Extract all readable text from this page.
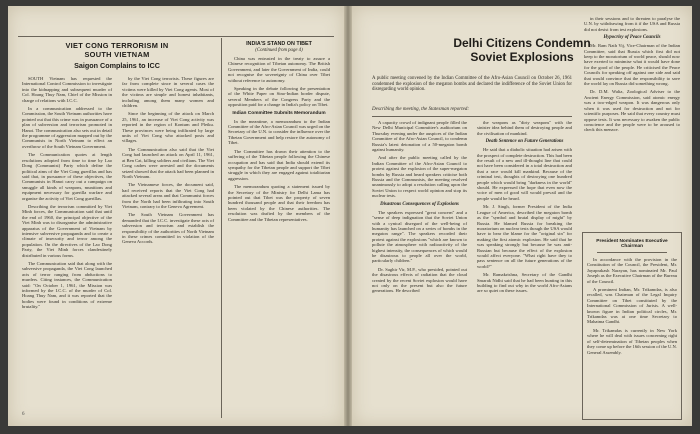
VIET CONG TERRORISM IN

SOUTH VIETNAM

Saigon Complains to ICC

SOUTH Vietnam has requested the International Control Commission to investigate into the kidnapping and subsequent murder of Col. Hoang Thuy Nam, Chief of the Mission in charge of relations with I.C.C.

In a communication addressed to the Commission, the South Vietnam authorities have pointed out that this crime was in pursuance of a plan of subversion and terrorism promoted in Hanoi. The communication also sets out in detail the programme of aggression mapped out by the Communists in North Vietnam to effect an overthrow of the South Vietnam Government.

The Communication quotes at length resolutions adopted from time to time by Lao Dong (Communist) Party which define the political aims of the Viet Cong guerillas and has said that, in pursuance of these objectives, the Communists in Hanoi carry out a campaign on smuggle all kinds of weapons, munitions and equipment necessary for guerilla warfare and organise the activity of Viet Cong guerillas.

Describing the terrorism committed by Viet Minh forces, the Communication said that until the end of 1960, the principal objective of the Viet Minh was to disorganise the administrative apparatus of the Government of Vietnam by intensive subversive propaganda and to create a climate of insecurity and terror among the population. On the directives of the Lao Dong Party, the Viet Minh forces clandestinely distributed in various forms.

The Communication said that along with the subversive propaganda, the Viet Cong launched acts of terror ranging from abductions to murders. Citing instances, the Communication said: "On October 1, 1961, the Mission was informed by the I.C.C. of the murder of Col. Hoang Thuy Nam, and it was reported that the bodies were found in conditions of extreme brutality."

by the Viet Cong terrorists. These figures are far from complete since in several cases the victims were killed by Viet Cong agents. Most of the victims are simple and honest inhabitants, including among them many women and children.

Since the beginning of the attack on March 25, 1961, an increase of Viet Cong activity was reported in the region of Kontum and Pleiku. These provinces were being infiltrated by large units of Viet Cong who attacked posts and villages.

The Communication also said that the Viet Cong had launched an attack on April 11, 1961, at Ben Cat, killing soldiers and civilians. The Viet Cong cadres were arrested and the documents seized showed that the attack had been planned in North Vietnam.

The Vietnamese forces, the document said, had received reports that the Viet Cong had attacked several areas and that Communist forces from the North had been infiltrating into South Vietnam, contrary to the Geneva Agreement.

The South Vietnam Government has demanded that the I.C.C. investigate these acts of subversion and terrorism and establish the responsibility of the authorities of North Vietnam in these crimes committed in violation of the Geneva Accords.

INDIA'S STAND ON TIBET

(Continued from page 4)

China was entrusted in the treaty to assure a Chinese recognition of Tibetan autonomy. The British Government, and later the Government of India, could not recognise the sovereignty of China over Tibet without reference to autonomy.

Speaking in the debate following the presentation of the White Paper on Sino-Indian border dispute, several Members of the Congress Party and the opposition paid for a change in India's policy on Tibet.

Indian Committee Submits Memorandum

In the meantime, a memorandum to the Indian Committee of the Afro-Asian Council was urged on the Secretary of the U.N. to consider the influence over the Tibetan Government and help restore the autonomy of Tibet.

The Committee has drawn their attention to the suffering of the Tibetan people following the Chinese occupation and has said that India should extend its sympathy for the Tibetan people and support the Tibet struggle in which they are engaged against totalitarian aggression.

The memorandum quoting a statement issued by the Secretary of the Ministry for Delhi Lama has pointed out that Tibet was the property of seven hundred thousand people and that their freedom has been violated by the Chinese authorities. The resolution was drafted by the members of the Committee and the Tibetan representatives.

6
Delhi Citizens Condemn
Soviet Explosions
A public meeting convened by the Indian Committee of the Afro-Asian Council on October 26, 1961 condemned the explosion of the megaton bombs and declared the indifference of the Soviet Union for disregarding world opinion.
Describing the meeting, the Statesman reported:

A capacity crowd of indignant people filled the New Delhi Municipal Committee's auditorium on Thursday evening under the auspices of the Indian Committee of the Afro-Asian Council, to condemn Russia's latest detonation of a 50-megaton bomb against humanity.

And after the public meeting called by the Indian Committee of the Afro-Asian Council to protest against the explosion of the super-megaton bombs by Russia and heard speakers criticise both Russia and the Communists, the meeting resolved unanimously to adopt a resolution calling upon the Soviet Union to respect world opinion and stop its nuclear tests.

Disastrous Consequences of Explosions

The speakers expressed "great concern" and a "sense of deep indignation that the Soviet Union with a cynical disregard of the well-being of humanity has launched on a series of bombs in the megaton range". The speakers recorded their protest against the explosions "which are known to pollute the atmosphere with radioactivity of the highest intensity, the consequences of which would be disastrous to people all over the world, particularly children."

Dr. Saghir Vir, M.P., who presided, pointed out the disastrous effects of radiation that the cloud created by the recent Soviet explosion would have not only on the present but also the future generations. He described

the weapons as "dirty weapons" with the sinister idea behind them of destroying people and the civilisation of mankind.

Death Sentence on Future Generations

He said that a diabolic situation had arisen with the prospect of complete destruction. This had been the result of a new and ill-thought line that could not have been considered in a total destruction and that a race would kill mankind. Because of the criminal test, thoughts of destroying one hundred people which would bring "darkness in the world" should. He expressed the hope that even now the voice of men of good will would prevail and the people would be heard.

Mr. J. Singh, former President of the India League of America, described the megaton bomb as the "symbol and brutal display of might" by Russia. He blamed Russia for breaking the moratorium on nuclear tests though the USA would have to bear the blame for the "original sin" for making the first atomic explosion. He said that he was speaking strongly but because he was anti-Russian but because the effect of the explosion would affect everyone. "What right have they to pass sentence on all the future generations of the world?"

Mr. Ramakrishna, Secretary of the Gandhi Smarak Nidhi said that he had been hunting in this building to find out why in the world Afro-Asians are so quiet on these issues.

in their sessions and to threaten to paralyse the U.N. by withdrawing from it if the USA and Russia did not desist from test explosions.

Hypocrisy of Peace Councils

Mr. Ram Nath Vij, Vice-Chairman of the Indian Committee, said that Russia which first did not keep to the moratorium of world peace, should now have exerted to minimise what it would have done for the good of the people. He criticised the Peace Councils for speaking off against one side and said that would convince that the responsibility to save the world lay on Russia did something wrong.

Dr. D.M. Walia, Zoological Adviser to the Ancient Energy Commission, said atomic energy was a two-edged weapon. It was dangerous only when it was used for destruction and not for scientific purposes. He said that every country must oppose tests. It was necessary to awaken the public conscience and the people were to be aroused to check this menace.

President Nominates Executive Chairman

In accordance with the provision in the Constitution of the Council, the President, Mr. Jayaprakash Narayan, has nominated Mr. Paul Joseph as the Executive Chairman of the Bureau of the Council.

A prominent Indian, Mr. Trikamdas, is also recalled, was Chairman of the Legal Inquiry Committee on Tibet constituted by the International Commission of Jurists. A well-known figure in Indian political circles, Mr. Trikamdas was at one time Secretary to Mahatma Gandhi.

Mr. Trikamdas is currently in New York where he will deal with issues concerning right of self-determination of Tibetan peoples when they come up before the 16th session of the U.N. General Assembly.
